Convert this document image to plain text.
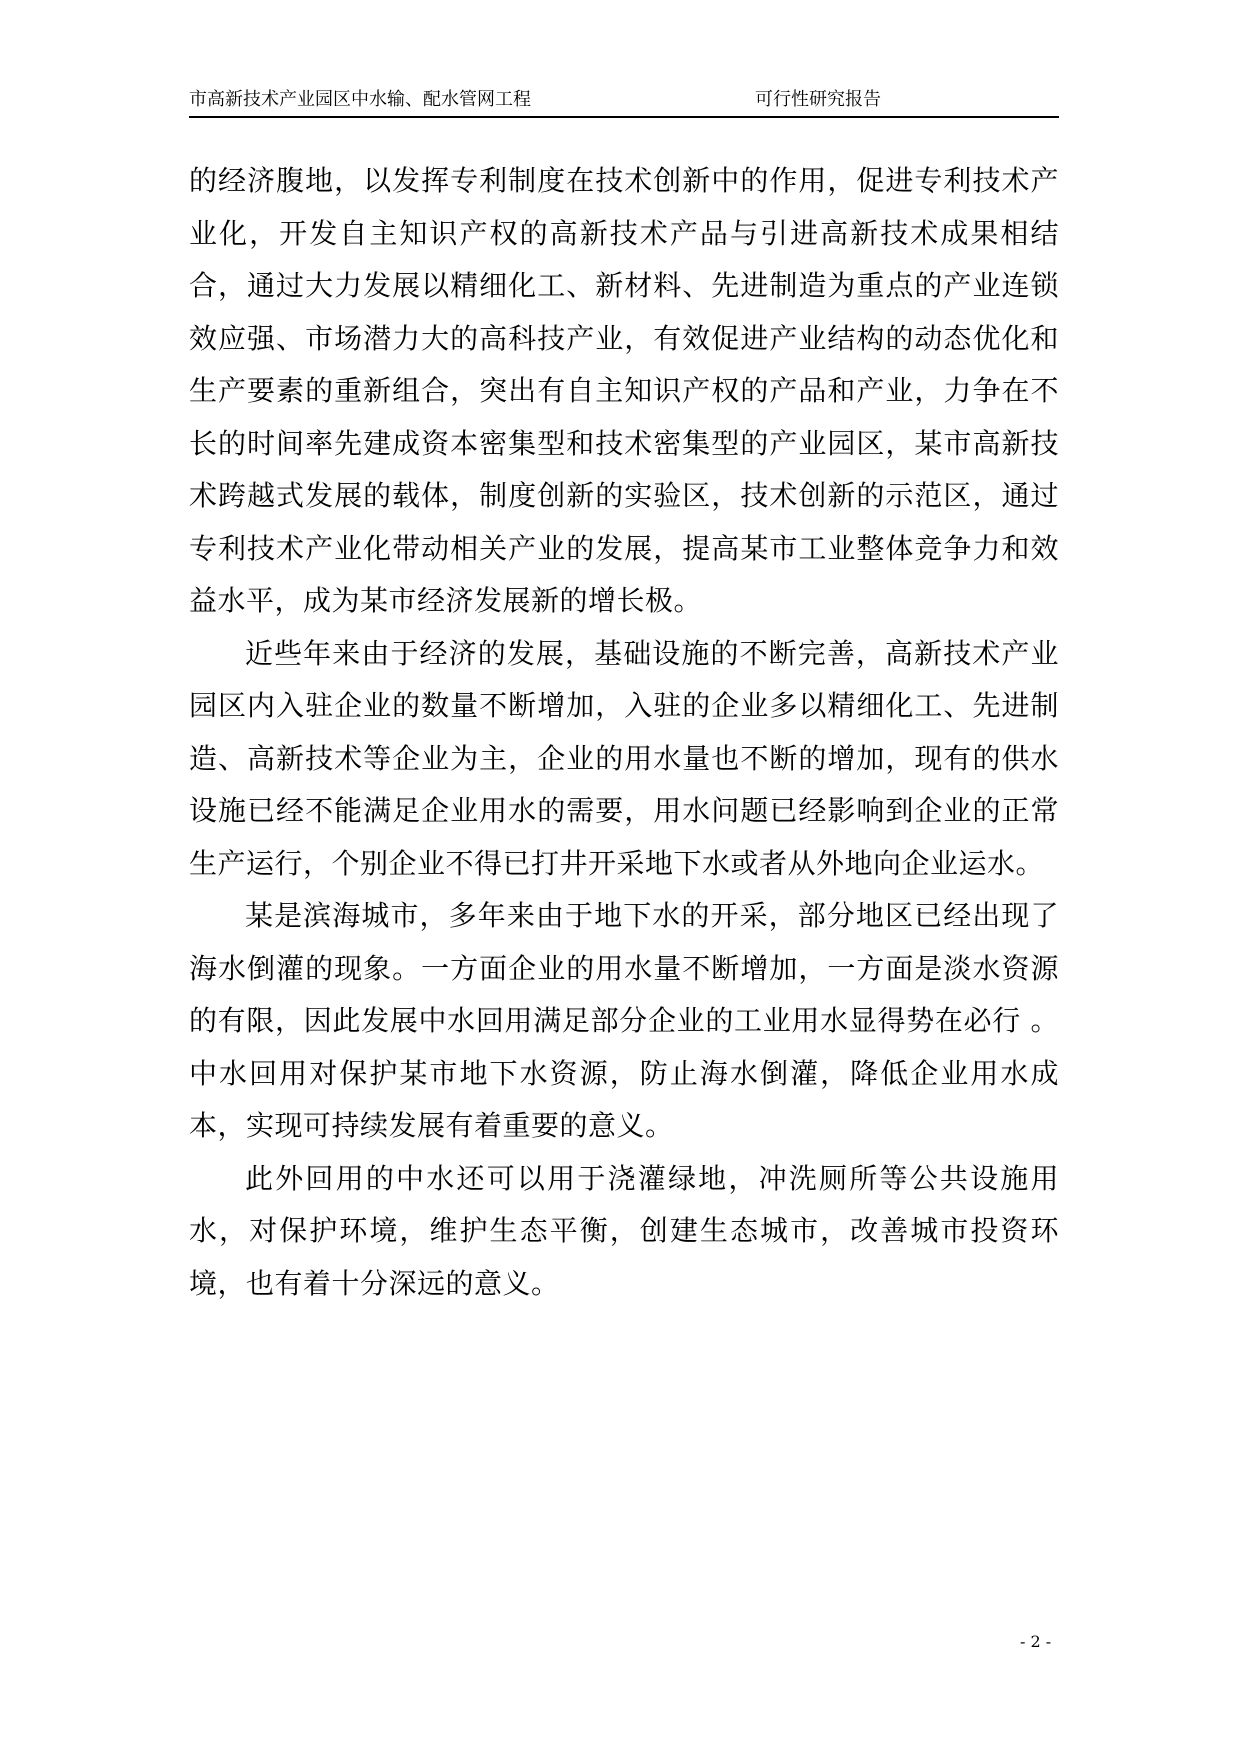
市高新技术产业园区中水输、配水管网工程	可行性研究报告

的经济腹地，以发挥专利制度在技术创新中的作用，促进专利技术产业化，开发自主知识产权的高新技术产品与引进高新技术成果相结合，通过大力发展以精细化工、新材料、先进制造为重点的产业连锁效应强、市场潜力大的高科技产业，有效促进产业结构的动态优化和生产要素的重新组合，突出有自主知识产权的产品和产业，力争在不长的时间率先建成资本密集型和技术密集型的产业园区，某市高新技术跨越式发展的载体，制度创新的实验区，技术创新的示范区，通过专利技术产业化带动相关产业的发展，提高某市工业整体竞争力和效益水平，成为某市经济发展新的增长极。

近些年来由于经济的发展，基础设施的不断完善，高新技术产业园区内入驻企业的数量不断增加，入驻的企业多以精细化工、先进制造、高新技术等企业为主，企业的用水量也不断的增加，现有的供水设施已经不能满足企业用水的需要，用水问题已经影响到企业的正常生产运行，个别企业不得已打井开采地下水或者从外地向企业运水。

某是滨海城市，多年来由于地下水的开采，部分地区已经出现了海水倒灌的现象。一方面企业的用水量不断增加，一方面是淡水资源的有限，因此发展中水回用满足部分企业的工业用水显得势在必行 。中水回用对保护某市地下水资源，防止海水倒灌，降低企业用水成本，实现可持续发展有着重要的意义。

此外回用的中水还可以用于浇灌绿地，冲洗厕所等公共设施用水，对保护环境，维护生态平衡，创建生态城市，改善城市投资环境，也有着十分深远的意义。

- 2 -
